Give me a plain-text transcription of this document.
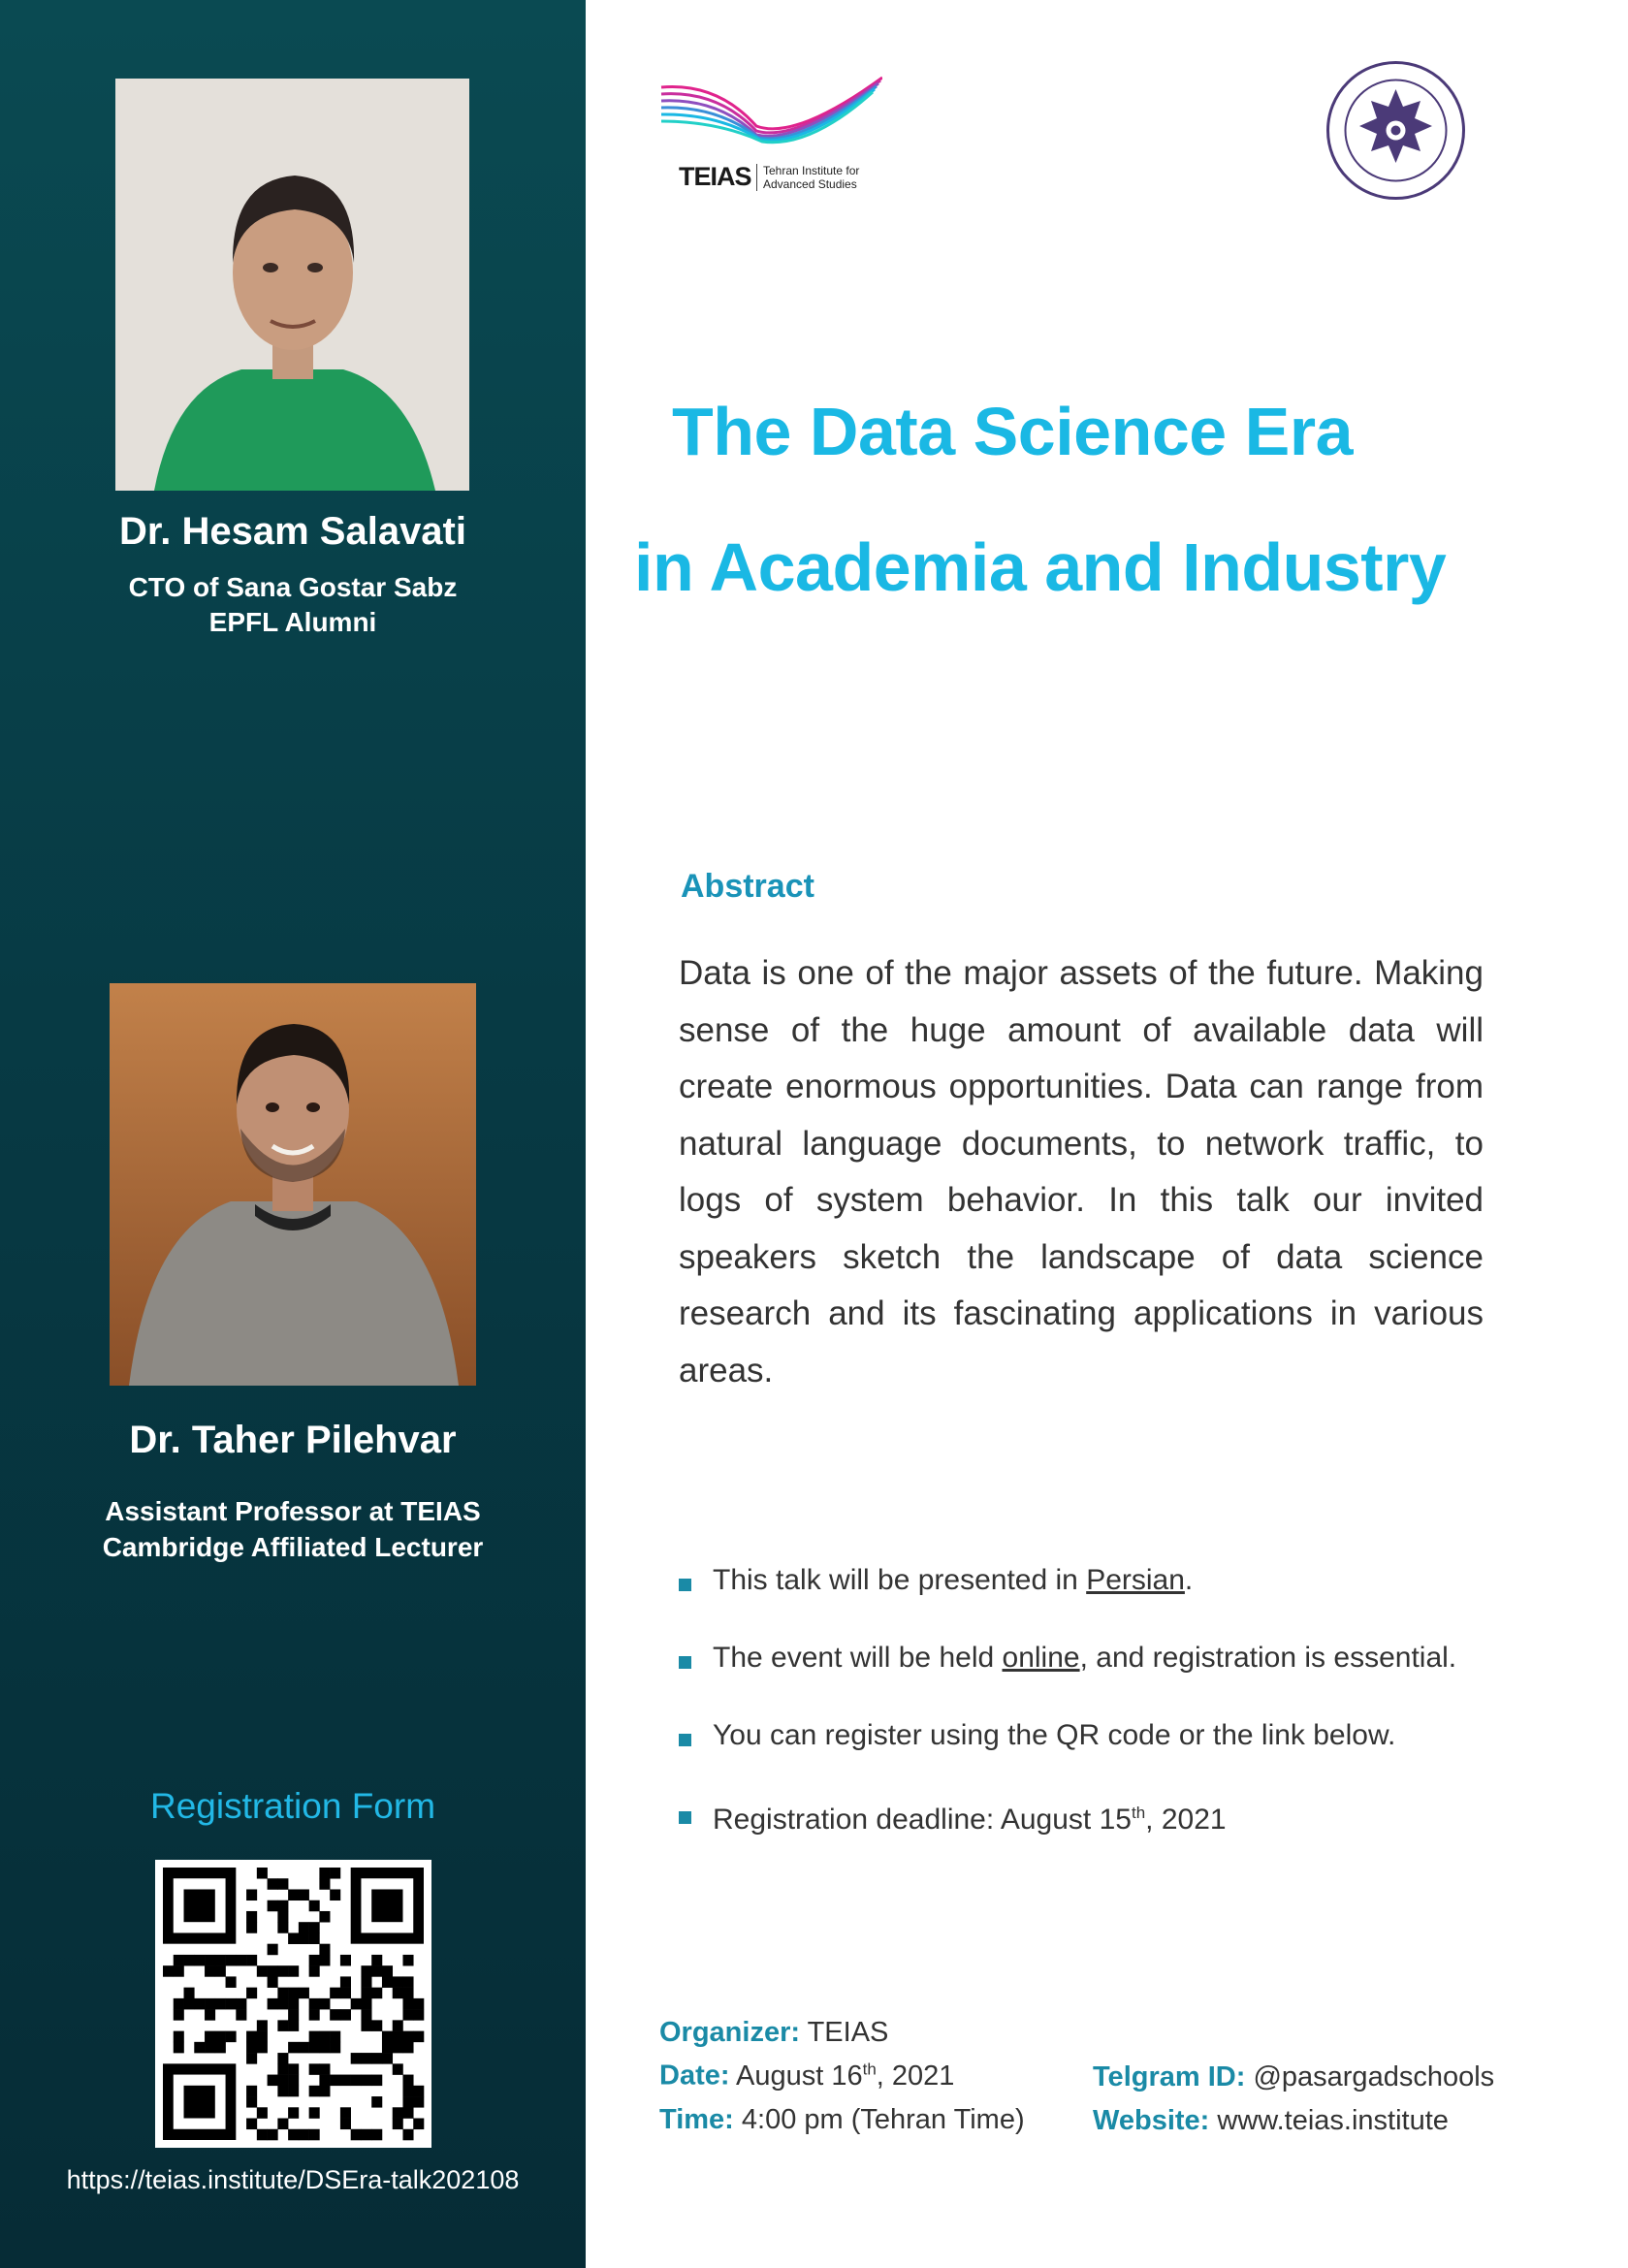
Dr. Hesam Salavati
CTO of Sana Gostar Sabz
EPFL Alumni
Dr. Taher Pilehvar
Assistant Professor at TEIAS
Cambridge Affiliated Lecturer
Registration Form
https://teias.institute/DSEra-talk202108
TEIAS	Tehran Institute for Advanced Studies
The Data Science Era
in Academia and Industry
Abstract
Data is one of the major assets of the future. Making sense of the huge amount of available data will create enormous opportunities. Data can range from natural language documents, to network traffic, to logs of system behavior. In this talk our invited speakers sketch the landscape of data science research and its fascinating applications in various areas.
This talk will be presented in Persian.
The event will be held online, and registration is essential.
You can register using the QR code or the link below.
Registration deadline: August 15th, 2021
Organizer: TEIAS
Date: August 16th, 2021
Time: 4:00 pm (Tehran Time)
Telgram ID: @pasargadschools
Website: www.teias.institute
